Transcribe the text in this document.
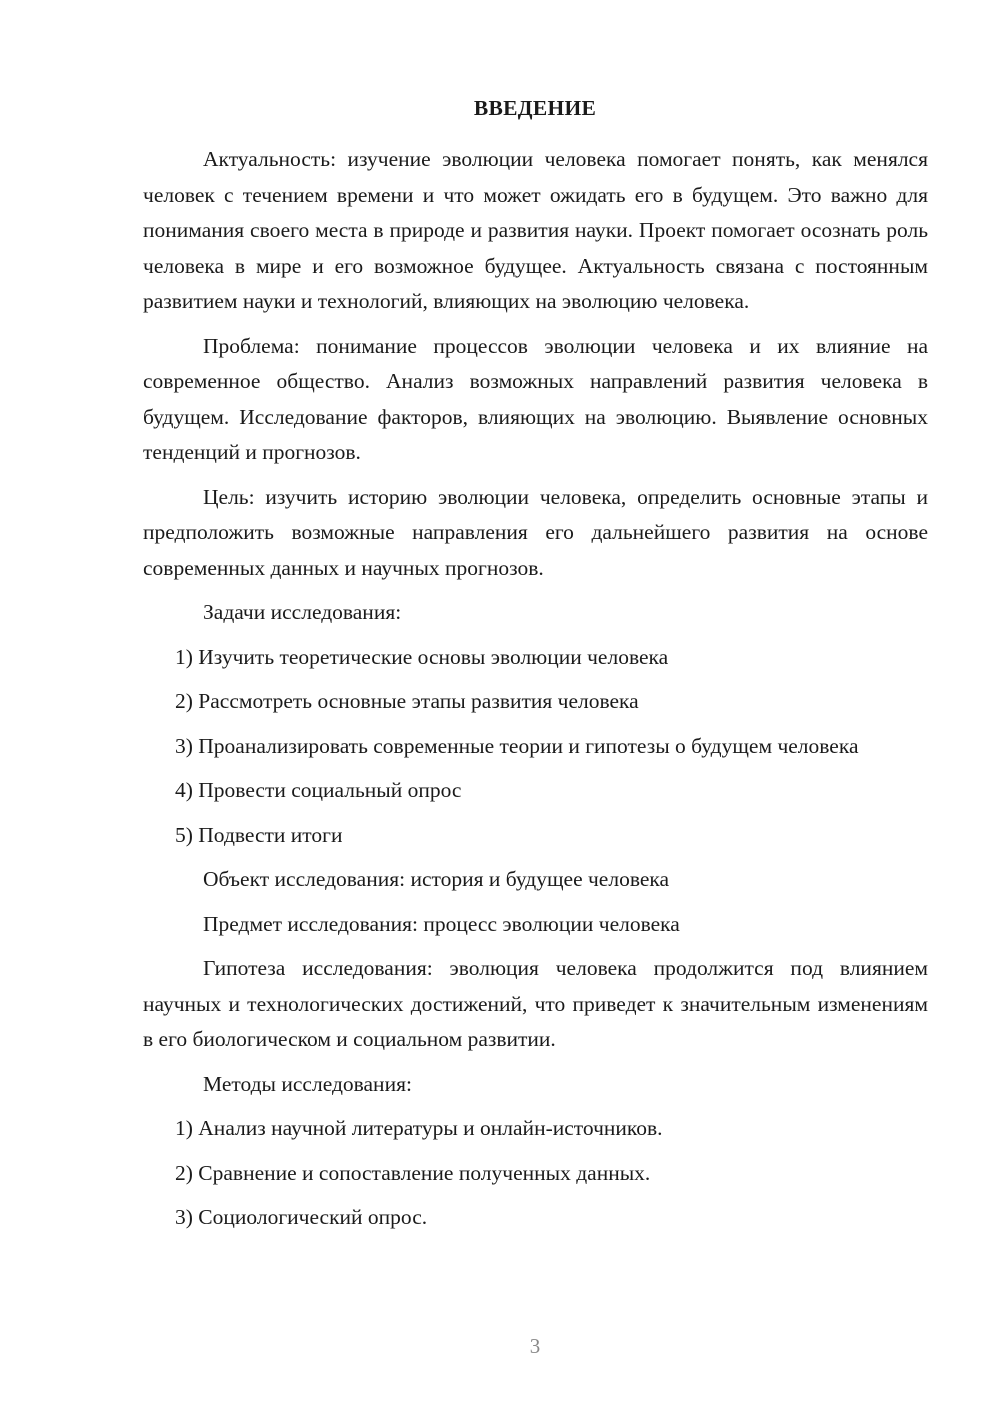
ВВЕДЕНИЕ

Актуальность: изучение эволюции человека помогает понять, как менялся человек с течением времени и что может ожидать его в будущем. Это важно для понимания своего места в природе и развития науки. Проект помогает осознать роль человека в мире и его возможное будущее. Актуальность связана с постоянным развитием науки и технологий, влияющих на эволюцию человека.

Проблема: понимание процессов эволюции человека и их влияние на современное общество. Анализ возможных направлений развития человека в будущем. Исследование факторов, влияющих на эволюцию. Выявление основных тенденций и прогнозов.

Цель: изучить историю эволюции человека, определить основные этапы и предположить возможные направления его дальнейшего развития на основе современных данных и научных прогнозов.

Задачи исследования:

1) Изучить теоретические основы эволюции человека

2) Рассмотреть основные этапы развития человека

3) Проанализировать современные теории и гипотезы о будущем человека

4) Провести социальный опрос

5) Подвести итоги

Объект исследования: история и будущее человека

Предмет исследования: процесс эволюции человека

Гипотеза исследования: эволюция человека продолжится под влиянием научных и технологических достижений, что приведет к значительным изменениям в его биологическом и социальном развитии.

Методы исследования:

1) Анализ научной литературы и онлайн-источников.

2) Сравнение и сопоставление полученных данных.

3) Социологический опрос.

3
